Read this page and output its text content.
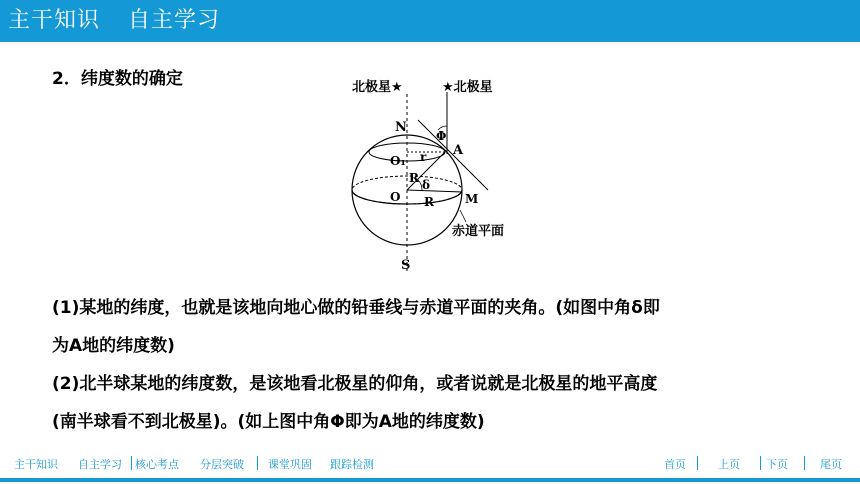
主干知识 自主学习
2．纬度数的确定	北极星★	★北极星
N
Φ
A
O₁ r
R δ
O R	M
赤道平面
S
(1)某地的纬度，也就是该地向地心做的铅垂线与赤道平面的夹角。(如图中角δ即
为A地的纬度数)
(2)北半球某地的纬度数，是该地看北极星的仰角，或者说就是北极星的地平高度
(南半球看不到北极星)。(如上图中角Φ即为A地的纬度数)
主干知识 自主学习 核心考点 分层突破 课堂巩固 跟踪检测	首页	上页 下页	尾页
